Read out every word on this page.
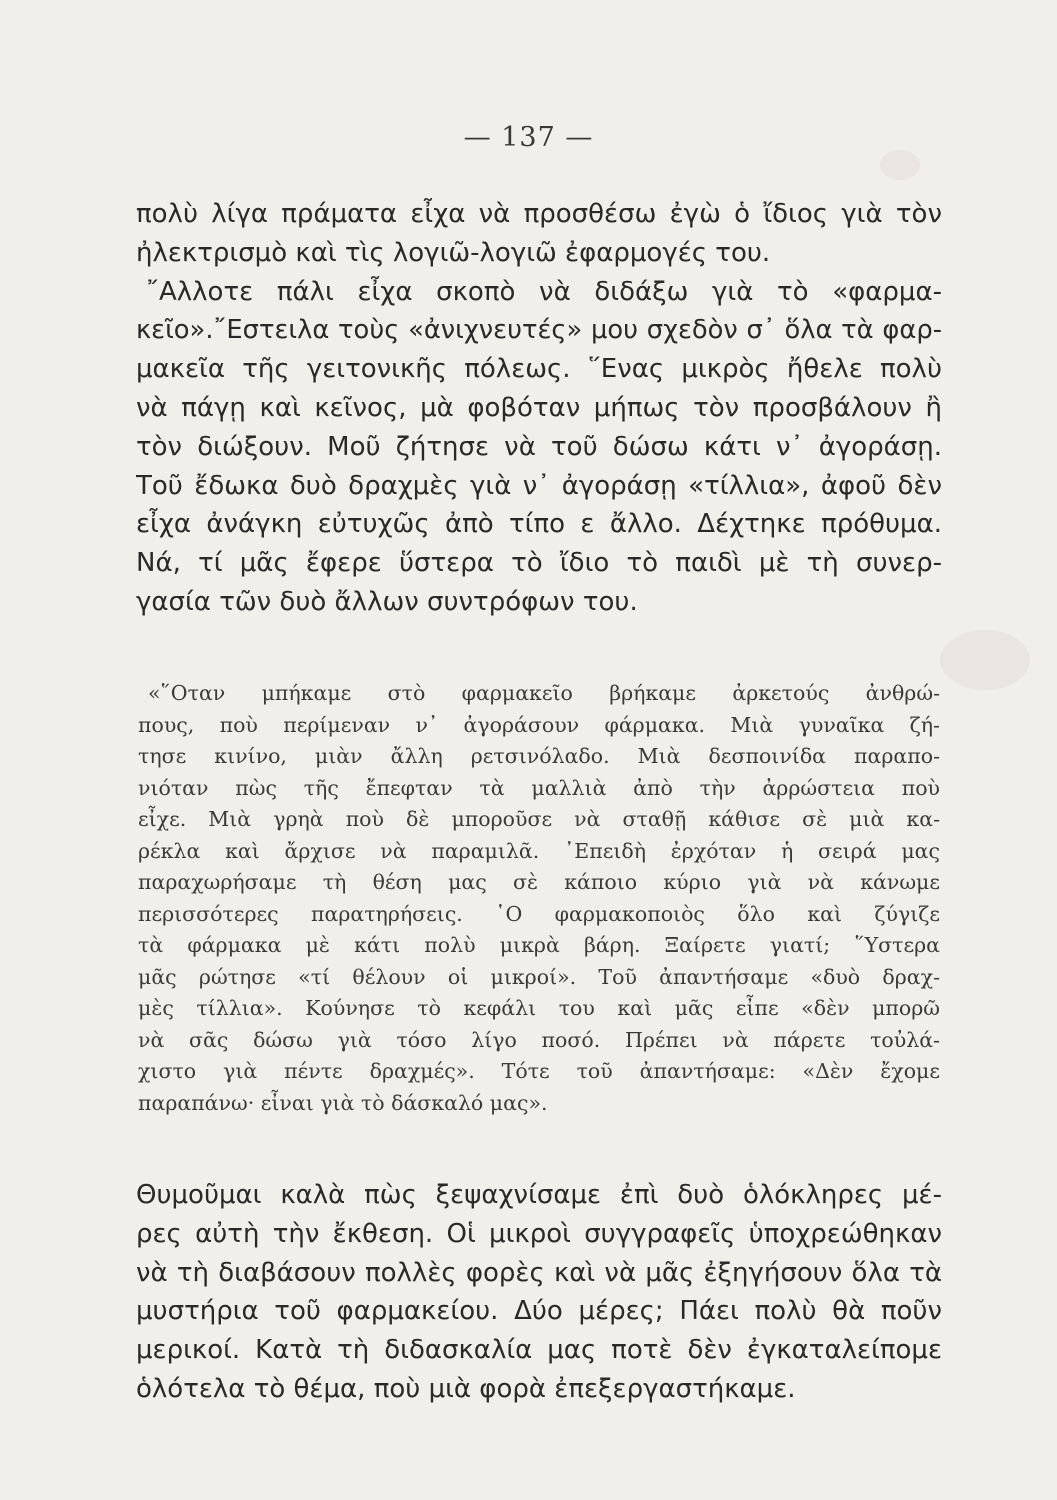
— 137 —
πολὺ λίγα πράματα εἶχα νὰ προσθέσω ἐγὼ ὁ ἴδιος γιὰ τὸν
ἠλεκτρισμὸ καὶ τὶς λογιῶ-λογιῶ ἐφαρμογές του.
῎Αλλοτε πάλι εἶχα σκοπὸ νὰ διδάξω γιὰ τὸ «φαρμα-
κεῖο».῎Εστειλα τοὺς «ἀνιχνευτές» μου σχεδὸν σ᾿ ὅλα τὰ φαρ-
μακεῖα τῆς γειτονικῆς πόλεως. ῞Ενας μικρὸς ἤθελε πολὺ
νὰ πάγῃ καὶ κεῖνος, μὰ φοβόταν μήπως τὸν προσβάλουν ἢ
τὸν διώξουν. Μοῦ ζήτησε νὰ τοῦ δώσω κάτι ν᾿ ἀγοράσῃ.
Τοῦ ἔδωκα δυὸ δραχμὲς γιὰ ν᾿ ἀγοράσῃ «τίλλια», ἀφοῦ δὲν
εἶχα ἀνάγκη εὐτυχῶς ἀπὸ τίπο ε ἄλλο. Δέχτηκε πρόθυμα.
Νά, τί μᾶς ἔφερε ὕστερα τὸ ἴδιο τὸ παιδὶ μὲ τὴ συνερ-
γασία τῶν δυὸ ἄλλων συντρόφων του.
«῞Οταν μπήκαμε στὸ φαρμακεῖο βρήκαμε ἀρκετούς ἀνθρώ-
πους, ποὺ περίμεναν ν᾿ ἀγοράσουν φάρμακα. Μιὰ γυναῖκα ζή-
τησε κινίνο, μιὰν ἄλλη ρετσινόλαδο. Μιὰ δεσποινίδα παραπο-
νιόταν πὼς τῆς ἔπεφταν τὰ μαλλιὰ ἀπὸ τὴν ἀρρώστεια ποὺ
εἶχε. Μιὰ γρηὰ ποὺ δὲ μποροῦσε νὰ σταθῇ κάθισε σὲ μιὰ κα-
ρέκλα καὶ ἄρχισε νὰ παραμιλᾶ. ᾿Επειδὴ ἐρχόταν ἡ σειρά μας
παραχωρήσαμε τὴ θέση μας σὲ κάποιο κύριο γιὰ νὰ κάνωμε
περισσότερες παρατηρήσεις. ῾Ο φαρμακοποιὸς ὅλο καὶ ζύγιζε
τὰ φάρμακα μὲ κάτι πολὺ μικρὰ βάρη. Ξαίρετε γιατί; ῞Υστερα
μᾶς ρώτησε «τί θέλουν οἱ μικροί». Τοῦ ἀπαντήσαμε «δυὸ δραχ-
μὲς τίλλια». Κούνησε τὸ κεφάλι του καὶ μᾶς εἶπε «δὲν μπορῶ
νὰ σᾶς δώσω γιὰ τόσο λίγο ποσό. Πρέπει νὰ πάρετε τοὐλά-
χιστο γιὰ πέντε δραχμές». Τότε τοῦ ἀπαντήσαμε: «Δὲν ἔχομε
παραπάνω· εἶναι γιὰ τὸ δάσκαλό μας».
Θυμοῦμαι καλὰ πὼς ξεψαχνίσαμε ἐπὶ δυὸ ὁλόκληρες μέ-
ρες αὐτὴ τὴν ἔκθεση. Οἱ μικροὶ συγγραφεῖς ὑποχρεώθηκαν
νὰ τὴ διαβάσουν πολλὲς φορὲς καὶ νὰ μᾶς ἐξηγήσουν ὅλα τὰ
μυστήρια τοῦ φαρμακείου. Δύο μέρες; Πάει πολὺ θὰ ποῦν
μερικοί. Κατὰ τὴ διδασκαλία μας ποτὲ δὲν ἐγκαταλείπομε
ὁλότελα τὸ θέμα, ποὺ μιὰ φορὰ ἐπεξεργαστήκαμε.
